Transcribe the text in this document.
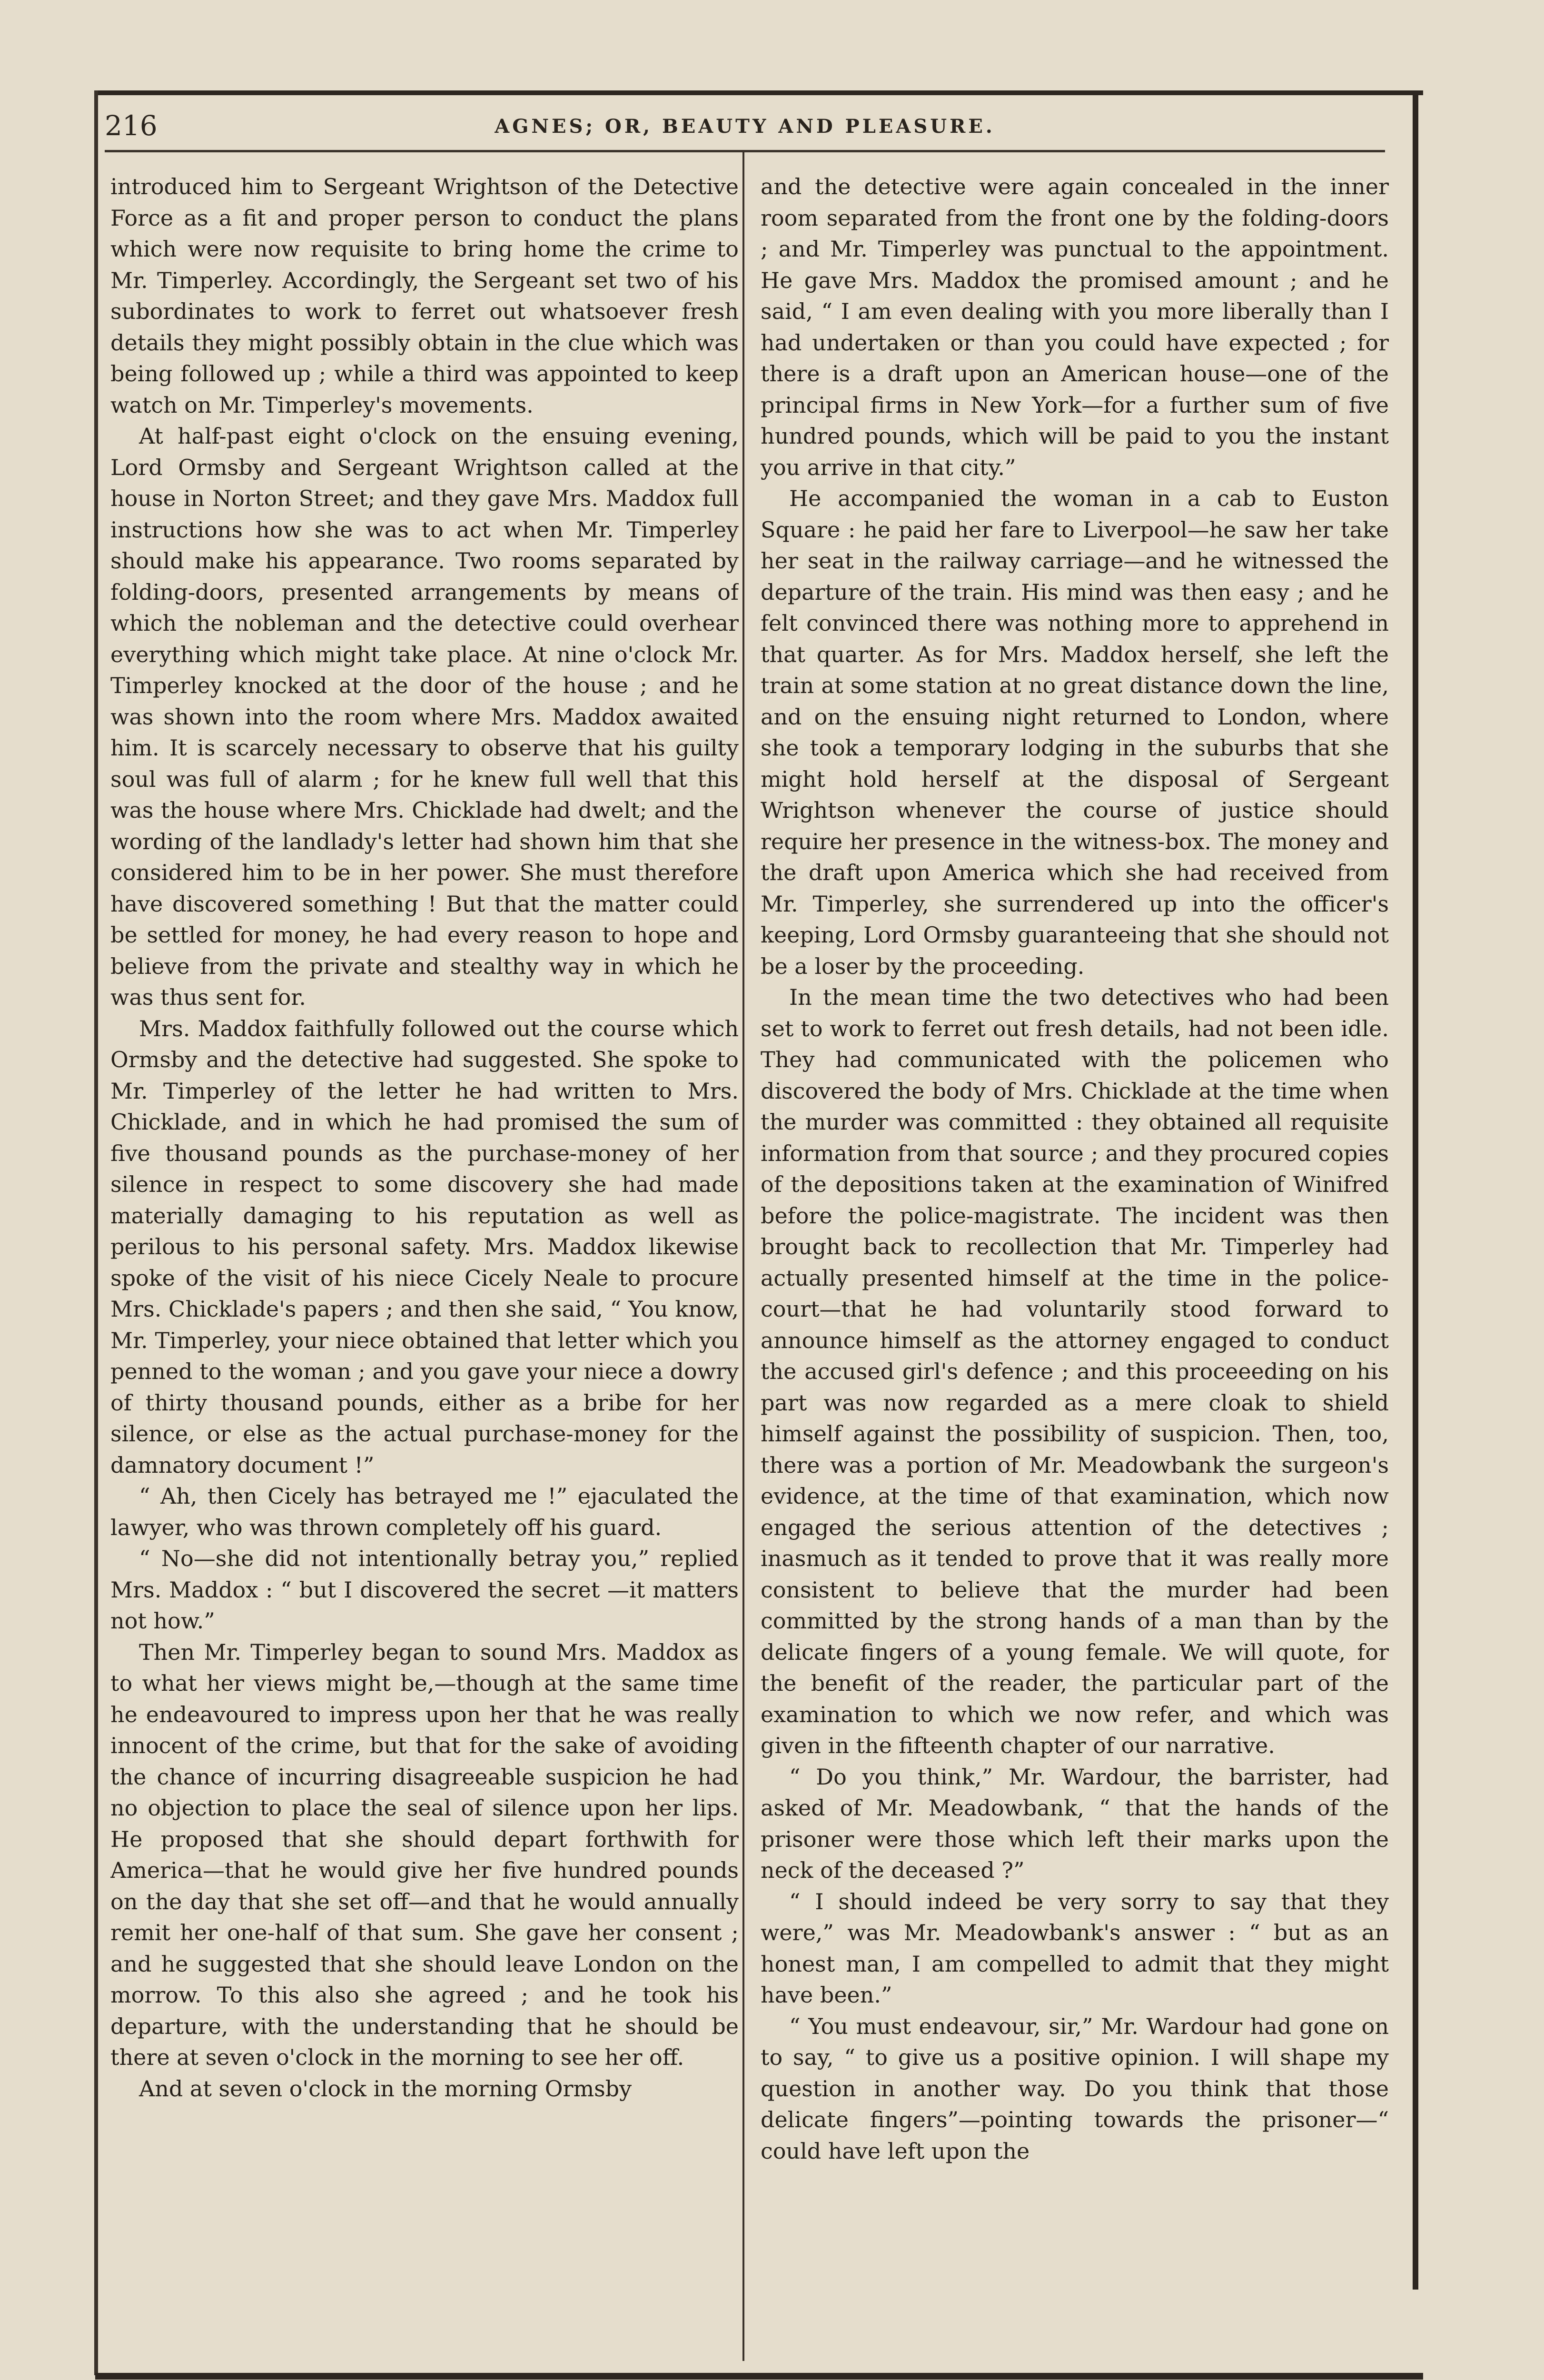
216	AGNES; OR, BEAUTY AND PLEASURE.

introduced him to Sergeant Wrightson of the Detective Force as a fit and proper person to conduct the plans which were now requisite to bring home the crime to Mr. Timperley. Accordingly, the Sergeant set two of his subordinates to work to ferret out whatsoever fresh details they might possibly obtain in the clue which was being followed up ; while a third was appointed to keep watch on Mr. Timperley's movements.

At half-past eight o'clock on the ensuing evening, Lord Ormsby and Sergeant Wrightson called at the house in Norton Street; and they gave Mrs. Maddox full instructions how she was to act when Mr. Timperley should make his appearance. Two rooms separated by folding-doors, presented arrangements by means of which the nobleman and the detective could overhear everything which might take place. At nine o'clock Mr. Timperley knocked at the door of the house ; and he was shown into the room where Mrs. Maddox awaited him. It is scarcely necessary to observe that his guilty soul was full of alarm ; for he knew full well that this was the house where Mrs. Chicklade had dwelt; and the wording of the landlady's letter had shown him that she considered him to be in her power. She must therefore have discovered something ! But that the matter could be settled for money, he had every reason to hope and believe from the private and stealthy way in which he was thus sent for.

Mrs. Maddox faithfully followed out the course which Ormsby and the detective had suggested. She spoke to Mr. Timperley of the letter he had written to Mrs. Chicklade, and in which he had promised the sum of five thousand pounds as the purchase-money of her silence in respect to some discovery she had made materially damaging to his reputation as well as perilous to his personal safety. Mrs. Maddox likewise spoke of the visit of his niece Cicely Neale to procure Mrs. Chicklade's papers ; and then she said, “ You know, Mr. Timperley, your niece obtained that letter which you penned to the woman ; and you gave your niece a dowry of thirty thousand pounds, either as a bribe for her silence, or else as the actual purchase-money for the damnatory document !”

“ Ah, then Cicely has betrayed me !” ejaculated the lawyer, who was thrown completely off his guard.

“ No—she did not intentionally betray you,” replied Mrs. Maddox : “ but I discovered the secret —it matters not how.”

Then Mr. Timperley began to sound Mrs. Maddox as to what her views might be,—though at the same time he endeavoured to impress upon her that he was really innocent of the crime, but that for the sake of avoiding the chance of incurring disagreeable suspicion he had no objection to place the seal of silence upon her lips. He proposed that she should depart forthwith for America—that he would give her five hundred pounds on the day that she set off—and that he would annually remit her one-half of that sum. She gave her consent ; and he suggested that she should leave London on the morrow. To this also she agreed ; and he took his departure, with the understanding that he should be there at seven o'clock in the morning to see her off.

And at seven o'clock in the morning Ormsby

and the detective were again concealed in the inner room separated from the front one by the folding-doors ; and Mr. Timperley was punctual to the appointment. He gave Mrs. Maddox the promised amount ; and he said, “ I am even dealing with you more liberally than I had undertaken or than you could have expected ; for there is a draft upon an American house—one of the principal firms in New York—for a further sum of five hundred pounds, which will be paid to you the instant you arrive in that city.”

He accompanied the woman in a cab to Euston Square : he paid her fare to Liverpool—he saw her take her seat in the railway carriage—and he witnessed the departure of the train. His mind was then easy ; and he felt convinced there was nothing more to apprehend in that quarter. As for Mrs. Maddox herself, she left the train at some station at no great distance down the line, and on the ensuing night returned to London, where she took a temporary lodging in the suburbs that she might hold herself at the disposal of Sergeant Wrightson whenever the course of justice should require her presence in the witness-box. The money and the draft upon America which she had received from Mr. Timperley, she surrendered up into the officer's keeping, Lord Ormsby guaranteeing that she should not be a loser by the proceeding.

In the mean time the two detectives who had been set to work to ferret out fresh details, had not been idle. They had communicated with the policemen who discovered the body of Mrs. Chicklade at the time when the murder was committed : they obtained all requisite information from that source ; and they procured copies of the depositions taken at the examination of Winifred before the police-magistrate. The incident was then brought back to recollection that Mr. Timperley had actually presented himself at the time in the police-court—that he had voluntarily stood forward to announce himself as the attorney engaged to conduct the accused girl's defence ; and this proceeeding on his part was now regarded as a mere cloak to shield himself against the possibility of suspicion. Then, too, there was a portion of Mr. Meadowbank the surgeon's evidence, at the time of that examination, which now engaged the serious attention of the detectives ; inasmuch as it tended to prove that it was really more consistent to believe that the murder had been committed by the strong hands of a man than by the delicate fingers of a young female. We will quote, for the benefit of the reader, the particular part of the examination to which we now refer, and which was given in the fifteenth chapter of our narrative.

“ Do you think,” Mr. Wardour, the barrister, had asked of Mr. Meadowbank, “ that the hands of the prisoner were those which left their marks upon the neck of the deceased ?”

“ I should indeed be very sorry to say that they were,” was Mr. Meadowbank's answer : “ but as an honest man, I am compelled to admit that they might have been.”

“ You must endeavour, sir,” Mr. Wardour had gone on to say, “ to give us a positive opinion. I will shape my question in another way. Do you think that those delicate fingers”—pointing towards the prisoner—“ could have left upon the
